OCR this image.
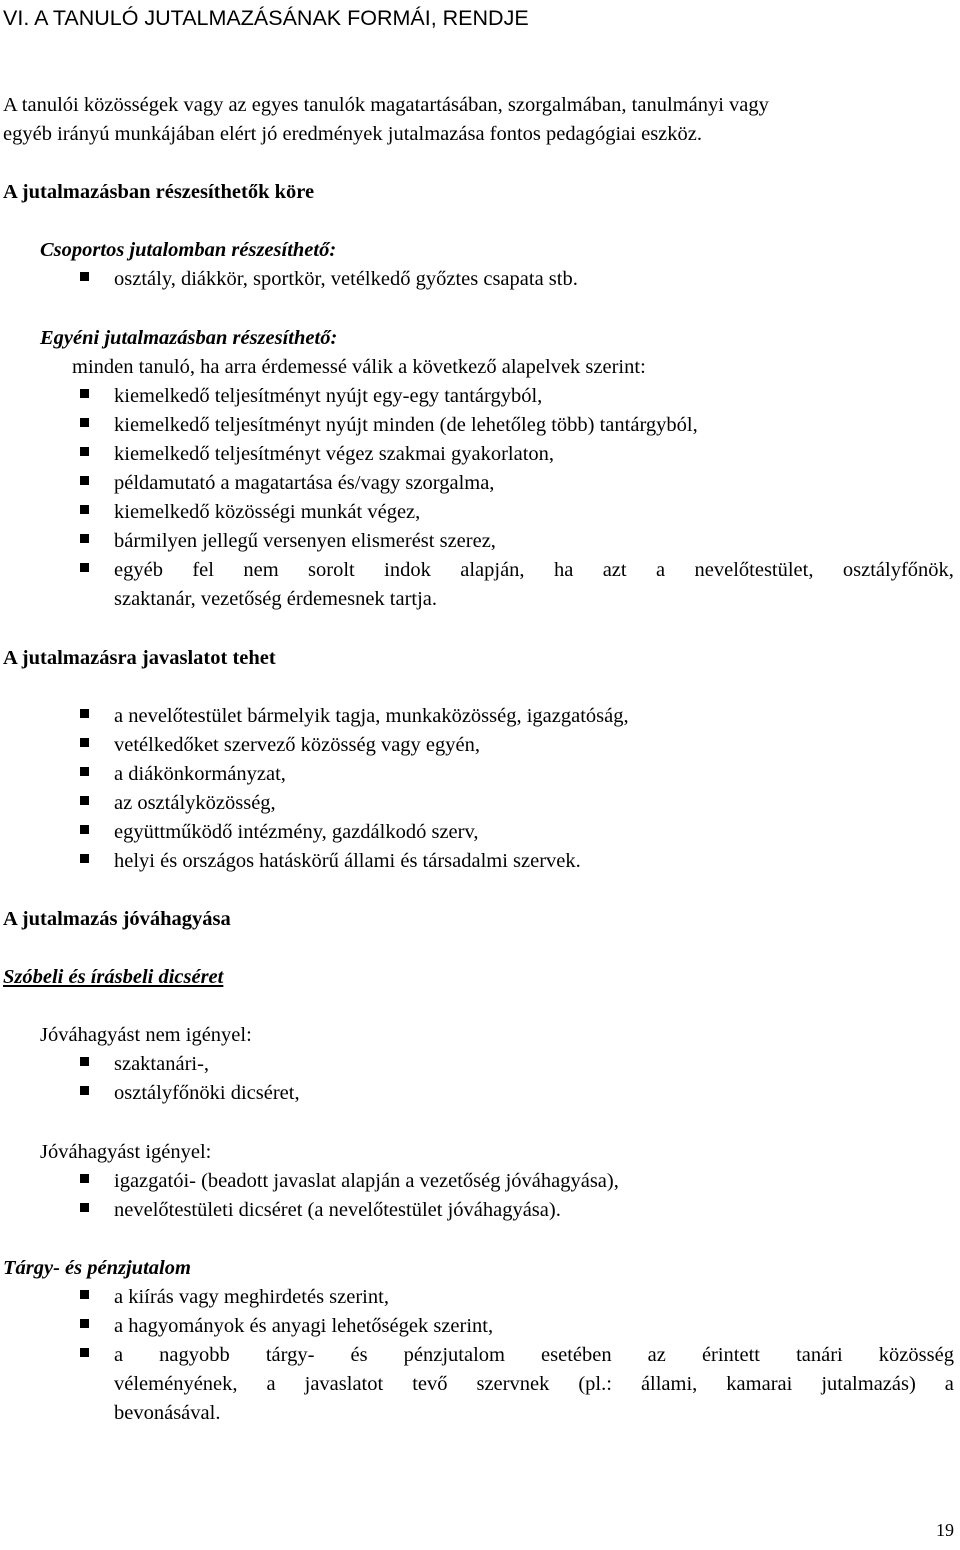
VI. A TANULÓ JUTALMAZÁSÁNAK FORMÁI, RENDJE
A tanulói közösségek vagy az egyes tanulók magatartásában, szorgalmában, tanulmányi vagy
egyéb irányú munkájában elért jó eredmények jutalmazása fontos pedagógiai eszköz.
A jutalmazásban részesíthetők köre
Csoportos jutalomban részesíthető:
osztály, diákkör, sportkör, vetélkedő győztes csapata stb.
Egyéni jutalmazásban részesíthető:
minden tanuló, ha arra érdemessé válik a következő alapelvek szerint:
kiemelkedő teljesítményt nyújt egy-egy tantárgyból,
kiemelkedő teljesítményt nyújt minden (de lehetőleg több) tantárgyból,
kiemelkedő teljesítményt végez szakmai gyakorlaton,
példamutató a magatartása és/vagy szorgalma,
kiemelkedő közösségi munkát végez,
bármilyen jellegű versenyen elismerést szerez,
egyéb fel nem sorolt indok alapján, ha azt a nevelőtestület, osztályfőnök,
szaktanár, vezetőség érdemesnek tartja.
A jutalmazásra javaslatot tehet
a nevelőtestület bármelyik tagja, munkaközösség, igazgatóság,
vetélkedőket szervező közösség vagy egyén,
a diákönkormányzat,
az osztályközösség,
együttműködő intézmény, gazdálkodó szerv,
helyi és országos hatáskörű állami és társadalmi szervek.
A jutalmazás jóváhagyása
Szóbeli és írásbeli dicséret
Jóváhagyást nem igényel:
szaktanári-,
osztályfőnöki dicséret,
Jóváhagyást igényel:
igazgatói- (beadott javaslat alapján a vezetőség jóváhagyása),
nevelőtestületi dicséret (a nevelőtestület jóváhagyása).
Tárgy- és pénzjutalom
a kiírás vagy meghirdetés szerint,
a hagyományok és anyagi lehetőségek szerint,
a nagyobb tárgy- és pénzjutalom esetében az érintett tanári közösség
véleményének, a javaslatot tevő szervnek (pl.: állami, kamarai jutalmazás) a
bevonásával.
19
